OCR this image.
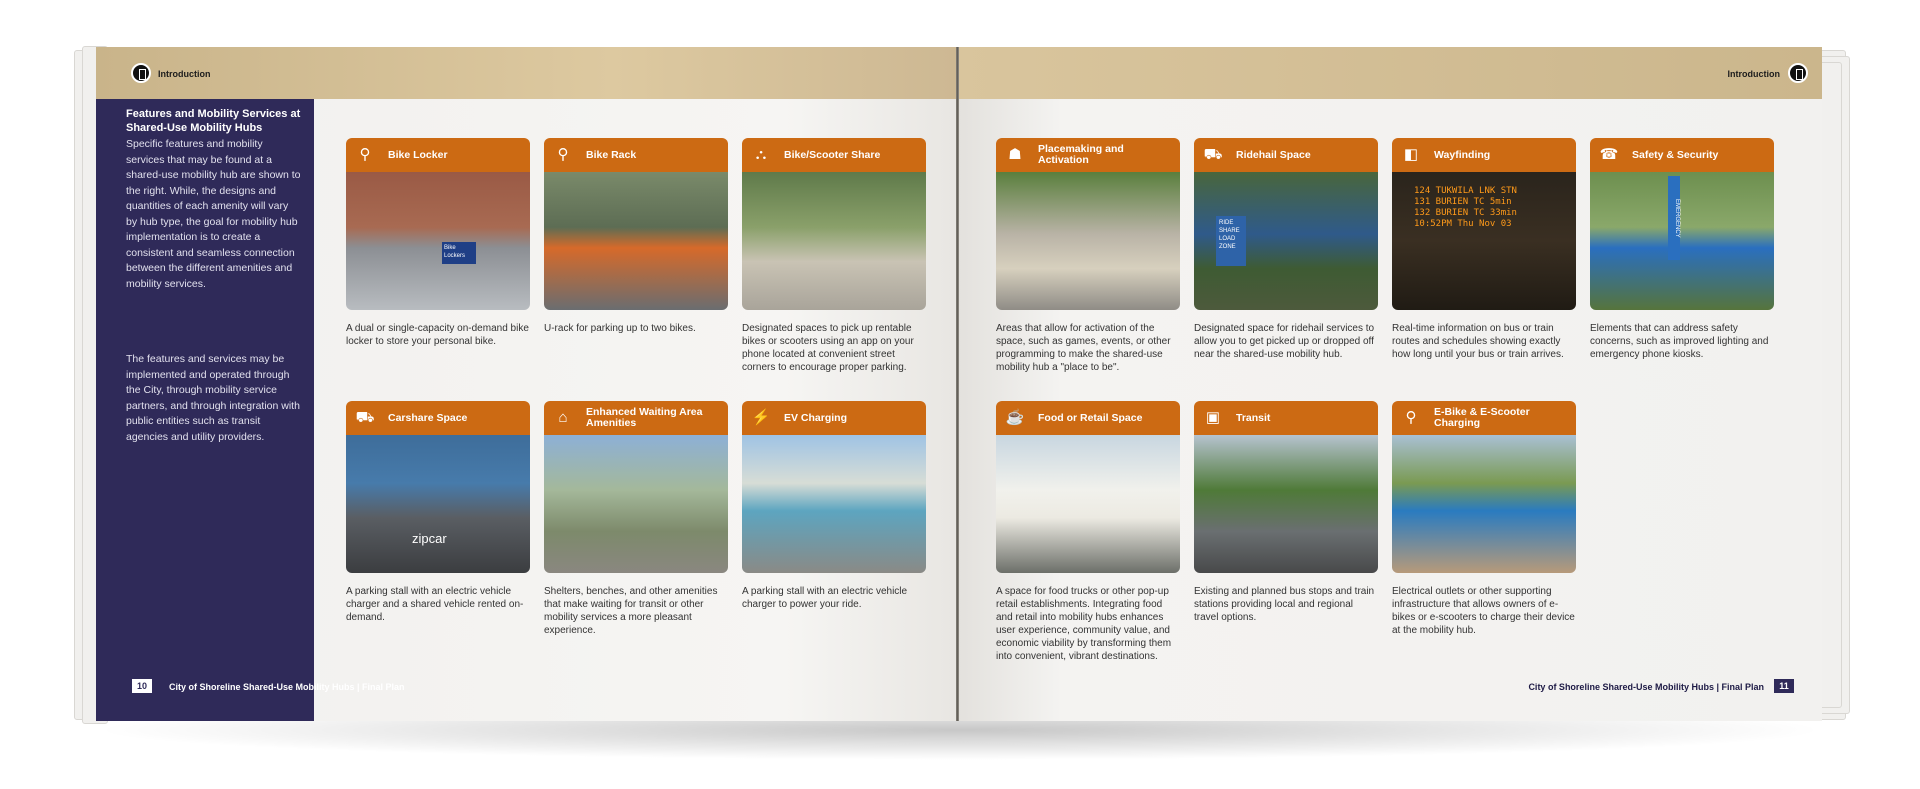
Introduction
Features and Mobility Services at Shared-Use Mobility Hubs
Specific features and mobility services that may be found at a shared-use mobility hub are shown to the right. While, the designs and quantities of each amenity will vary by hub type, the goal for mobility hub implementation is to create a consistent and seamless connection between the different amenities and mobility services.
The features and services may be implemented and operated through the City, through mobility service partners, and through integration with public entities such as transit agencies and utility providers.
⚲	Bike Locker
Bike Lockers
A dual or single-capacity on-demand bike locker to store your personal bike.
⚲	Bike Rack
U-rack for parking up to two bikes.
⛬	Bike/Scooter Share
Designated spaces to pick up rentable bikes or scooters using an app on your phone located at convenient street corners to encourage proper parking.
⛟ Carshare Space
zipcar
A parking stall with an electric vehicle charger and a shared vehicle rented on-demand.
⌂	Enhanced Waiting Area Amenities
Shelters, benches, and other amenities that make waiting for transit or other mobility services a more pleasant experience.
⚡ EV Charging
A parking stall with an electric vehicle charger to power your ride.
10	City of Shoreline Shared-Use Mobility Hubs | Final Plan
Introduction
☗	Placemaking and Activation
Areas that allow for activation of the space, such as games, events, or other programming to make the shared-use mobility hub a "place to be".
⛟ Ridehail Space
RIDE SHARE LOAD ZONE
Designated space for ridehail services to allow you to get picked up or dropped off near the shared-use mobility hub.
◧	Wayfinding
124 TUKWILA LNK STN
131 BURIEN TC 5min
132 BURIEN TC 33min
10:52PM Thu Nov 03
Real-time information on bus or train routes and schedules showing exactly how long until your bus or train arrives.
☎ Safety & Security
EMERGENCY
Elements that can address safety concerns, such as improved lighting and emergency phone kiosks.
☕ Food or Retail Space
A space for food trucks or other pop-up retail establishments. Integrating food and retail into mobility hubs enhances user experience, community value, and economic viability by transforming them into convenient, vibrant destinations.
▣	Transit
Existing and planned bus stops and train stations providing local and regional travel options.
⚲	E-Bike & E-Scooter Charging
Electrical outlets or other supporting infrastructure that allows owners of e-bikes or e-scooters to charge their device at the mobility hub.
City of Shoreline Shared-Use Mobility Hubs | Final Plan	11
